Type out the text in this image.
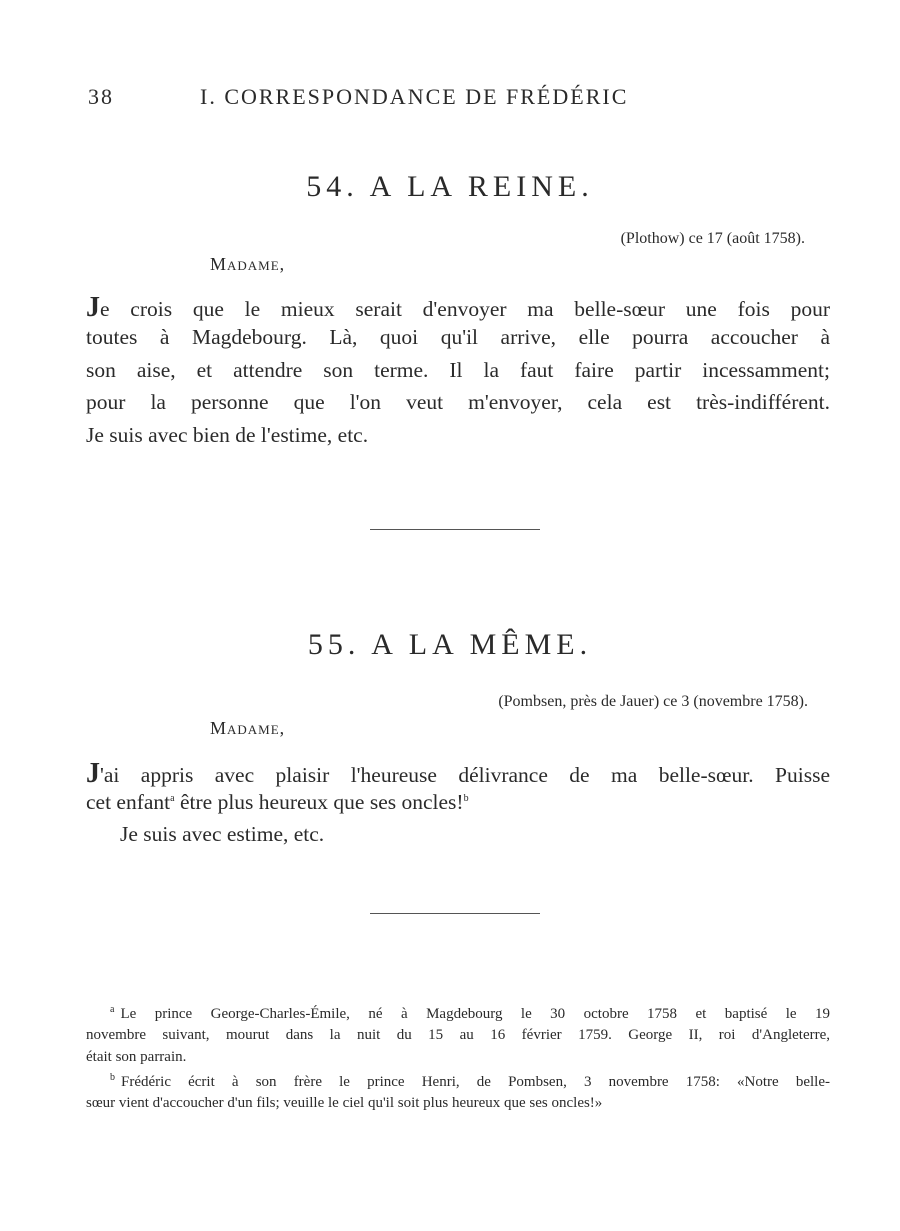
38	I. CORRESPONDANCE DE FRÉDÉRIC
54. A LA REINE.
(Plothow) ce 17 (août 1758).
Madame,
Je crois que le mieux serait d'envoyer ma belle-sœur une fois pour
toutes à Magdebourg. Là, quoi qu'il arrive, elle pourra accoucher à
son aise, et attendre son terme. Il la faut faire partir incessamment;
pour la personne que l'on veut m'envoyer, cela est très-indifférent.
Je suis avec bien de l'estime, etc.
55. A LA MÊME.
(Pombsen, près de Jauer) ce 3 (novembre 1758).
Madame,
J'ai appris avec plaisir l'heureuse délivrance de ma belle-sœur. Puisse
cet enfant$^a$ être plus heureux que ses oncles!$^b$
Je suis avec estime, etc.
$^a$ Le prince George-Charles-Émile, né à Magdebourg le 30 octobre 1758 et baptisé le 19
novembre suivant, mourut dans la nuit du 15 au 16 février 1759. George II, roi d'Angleterre,
était son parrain.
$^b$ Frédéric écrit à son frère le prince Henri, de Pombsen, 3 novembre 1758: «Notre belle-
sœur vient d'accoucher d'un fils; veuille le ciel qu'il soit plus heureux que ses oncles!»
